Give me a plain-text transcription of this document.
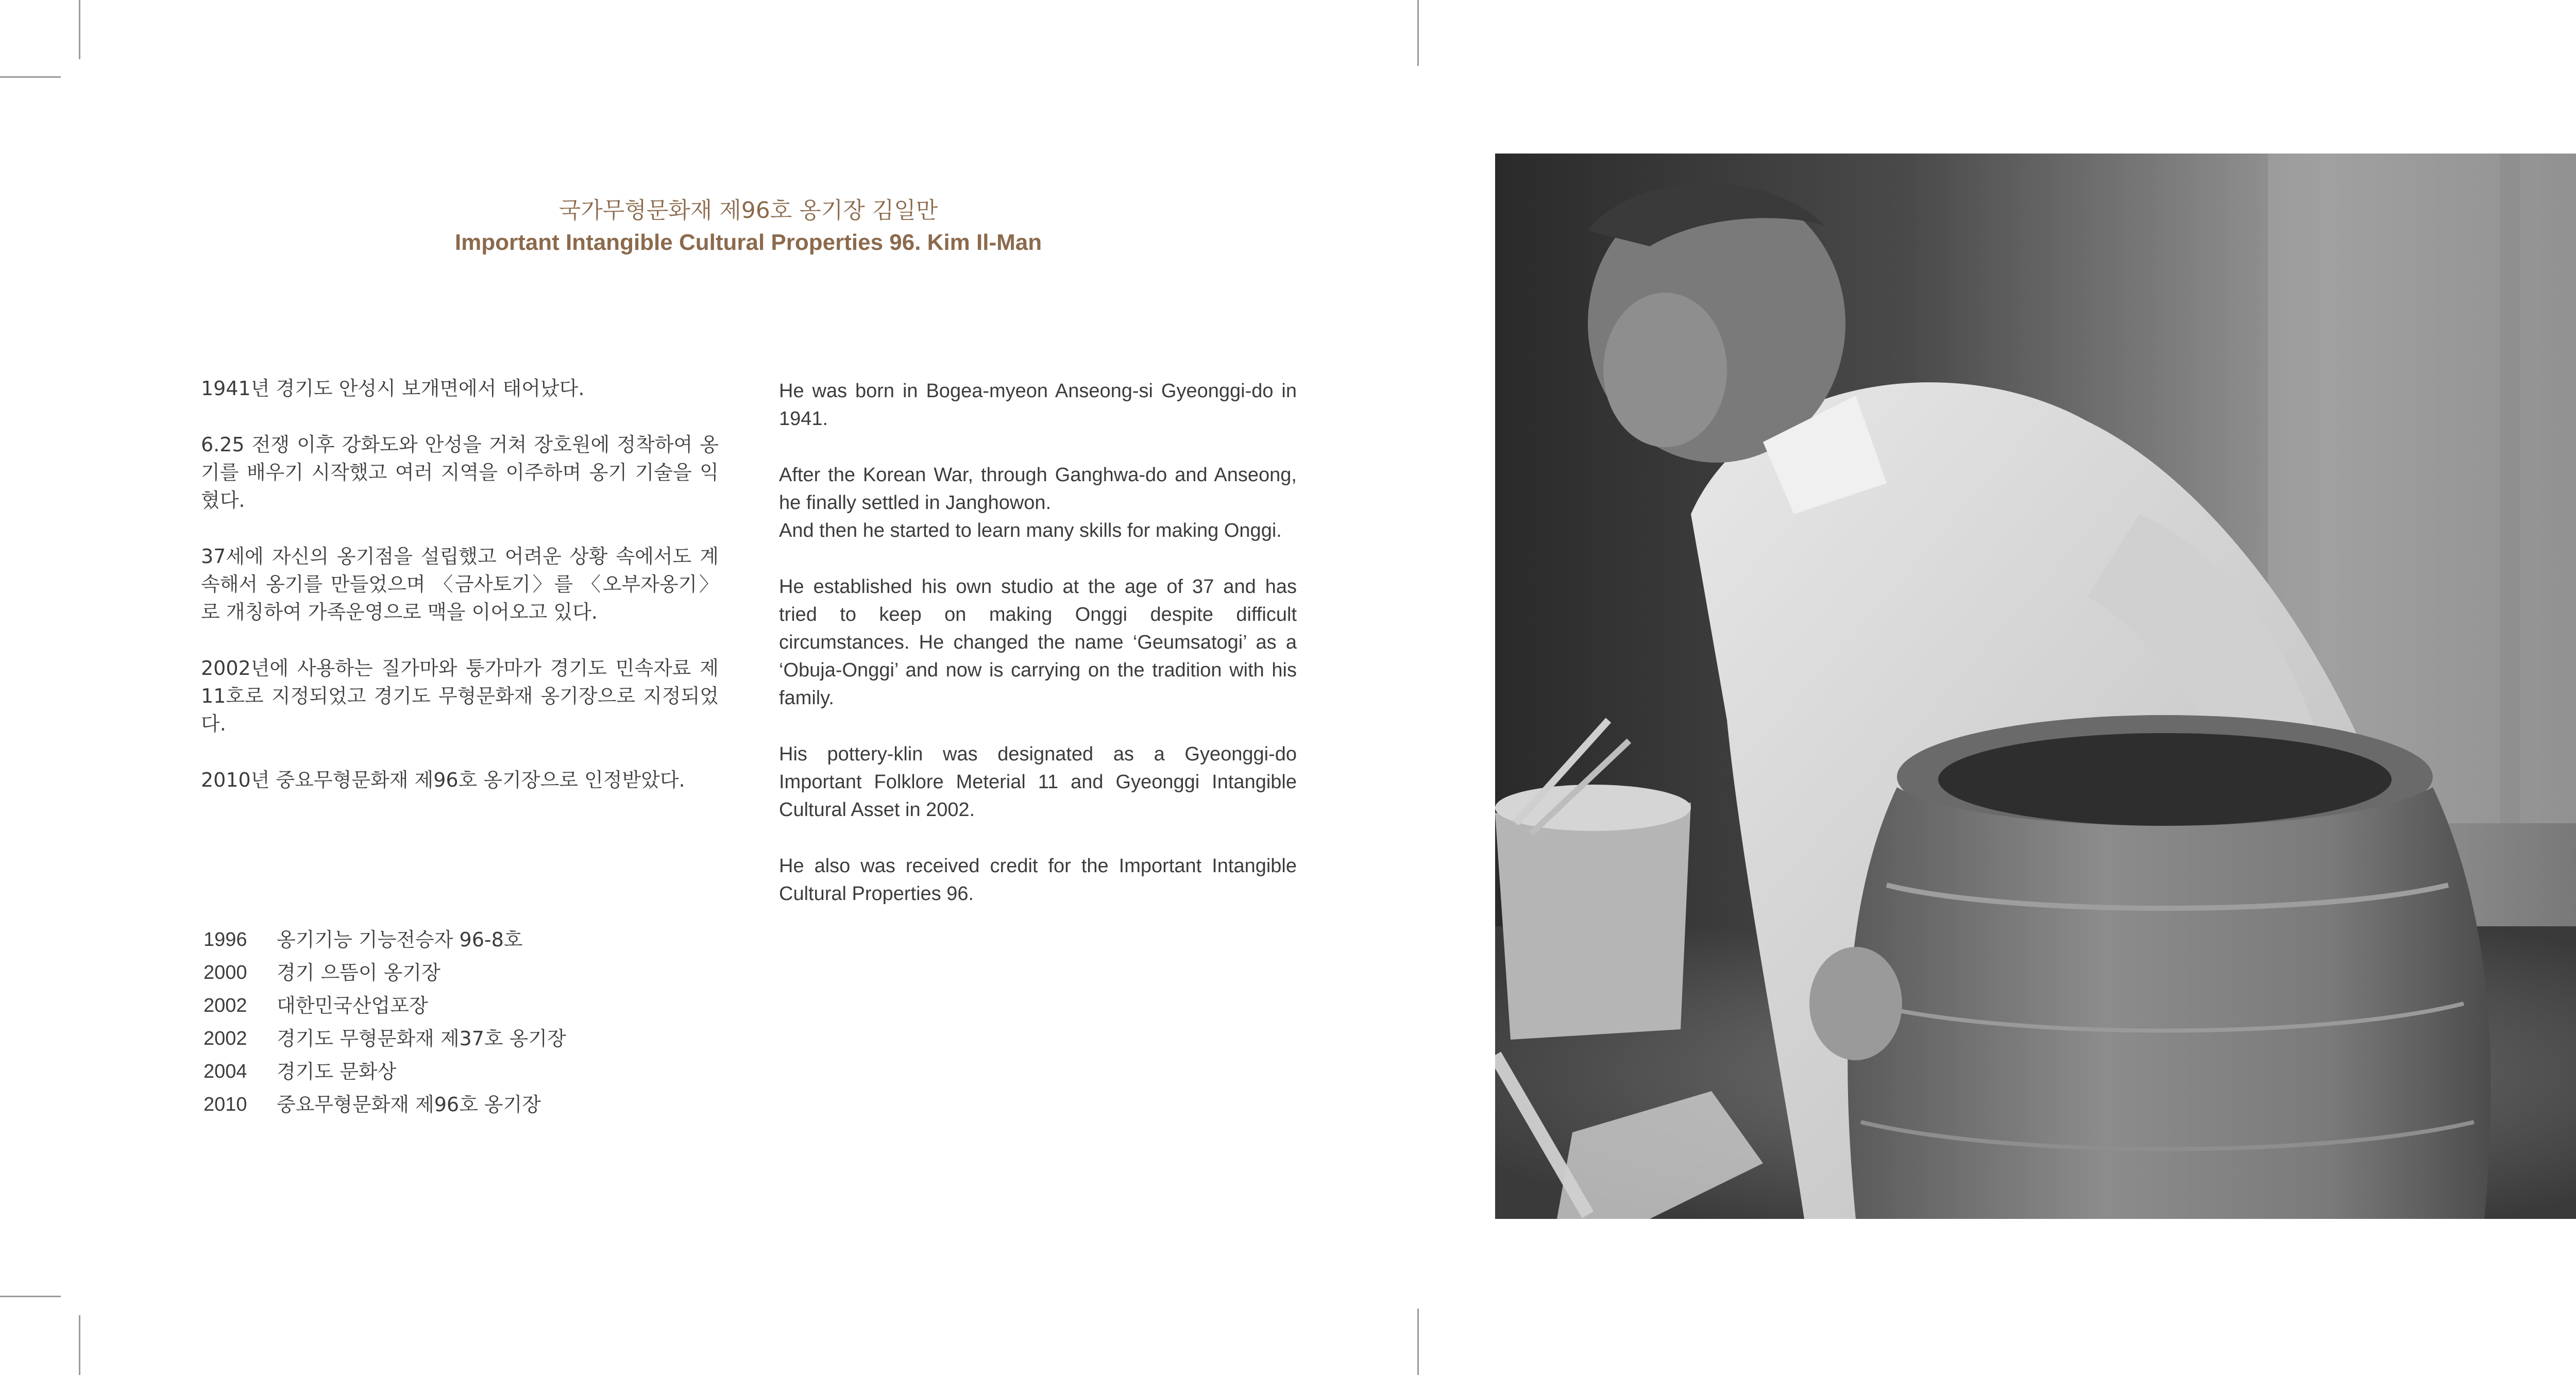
국가무형문화재 제96호 옹기장 김일만
Important Intangible Cultural Properties 96. Kim Il-Man

1941년 경기도 안성시 보개면에서 태어났다.

6.25 전쟁 이후 강화도와 안성을 거쳐 장호원에 정착하여 옹기를 배우기 시작했고 여러 지역을 이주하며 옹기 기술을 익혔다.

37세에 자신의 옹기점을 설립했고 어려운 상황 속에서도 계속해서 옹기를 만들었으며 〈금사토기〉를 〈오부자옹기〉로 개칭하여 가족운영으로 맥을 이어오고 있다.

2002년에 사용하는 질가마와 퉁가마가 경기도 민속자료 제11호로 지정되었고 경기도 무형문화재 옹기장으로 지정되었다.

2010년 중요무형문화재 제96호 옹기장으로 인정받았다.

He was born in Bogea-myeon Anseong-si Gyeonggi-do in 1941.

After the Korean War, through Ganghwa-do and Anseong, he finally settled in Janghowon.

And then he started to learn many skills for making Onggi.

He established his own studio at the age of 37 and has tried to keep on making Onggi despite difficult circumstances. He changed the name ‘Geumsatogi’ as a ‘Obuja-Onggi’ and now is carrying on the tradition with his family.

His pottery-klin was designated as a Gyeonggi-do Important Folklore Meterial 11 and Gyeonggi Intangible Cultural Asset in 2002.

He also was received credit for the Important Intangible Cultural Properties 96.

1996	옹기기능 기능전승자 96-8호
2000	경기 으뜸이 옹기장
2002	대한민국산업포장
2002	경기도 무형문화재 제37호 옹기장
2004	경기도 문화상
2010	중요무형문화재 제96호 옹기장
